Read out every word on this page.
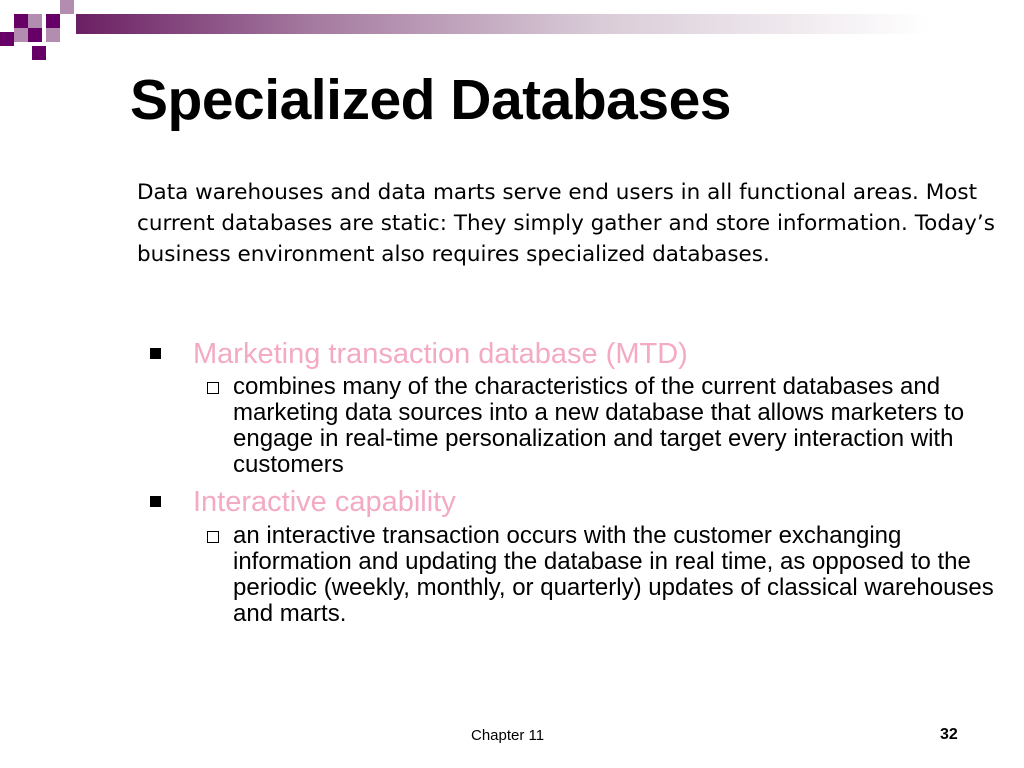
Specialized Databases

Data warehouses and data marts serve end users in all functional areas. Most current databases are static: They simply gather and store information. Today’s business environment also requires specialized databases.

Marketing transaction database (MTD)
combines many of the characteristics of the current databases and marketing data sources into a new database that allows marketers to engage in real-time personalization and target every interaction with customers
Interactive capability
an interactive transaction occurs with the customer exchanging information and updating the database in real time, as opposed to the periodic (weekly, monthly, or quarterly) updates of classical warehouses and marts.
Chapter 11	32
